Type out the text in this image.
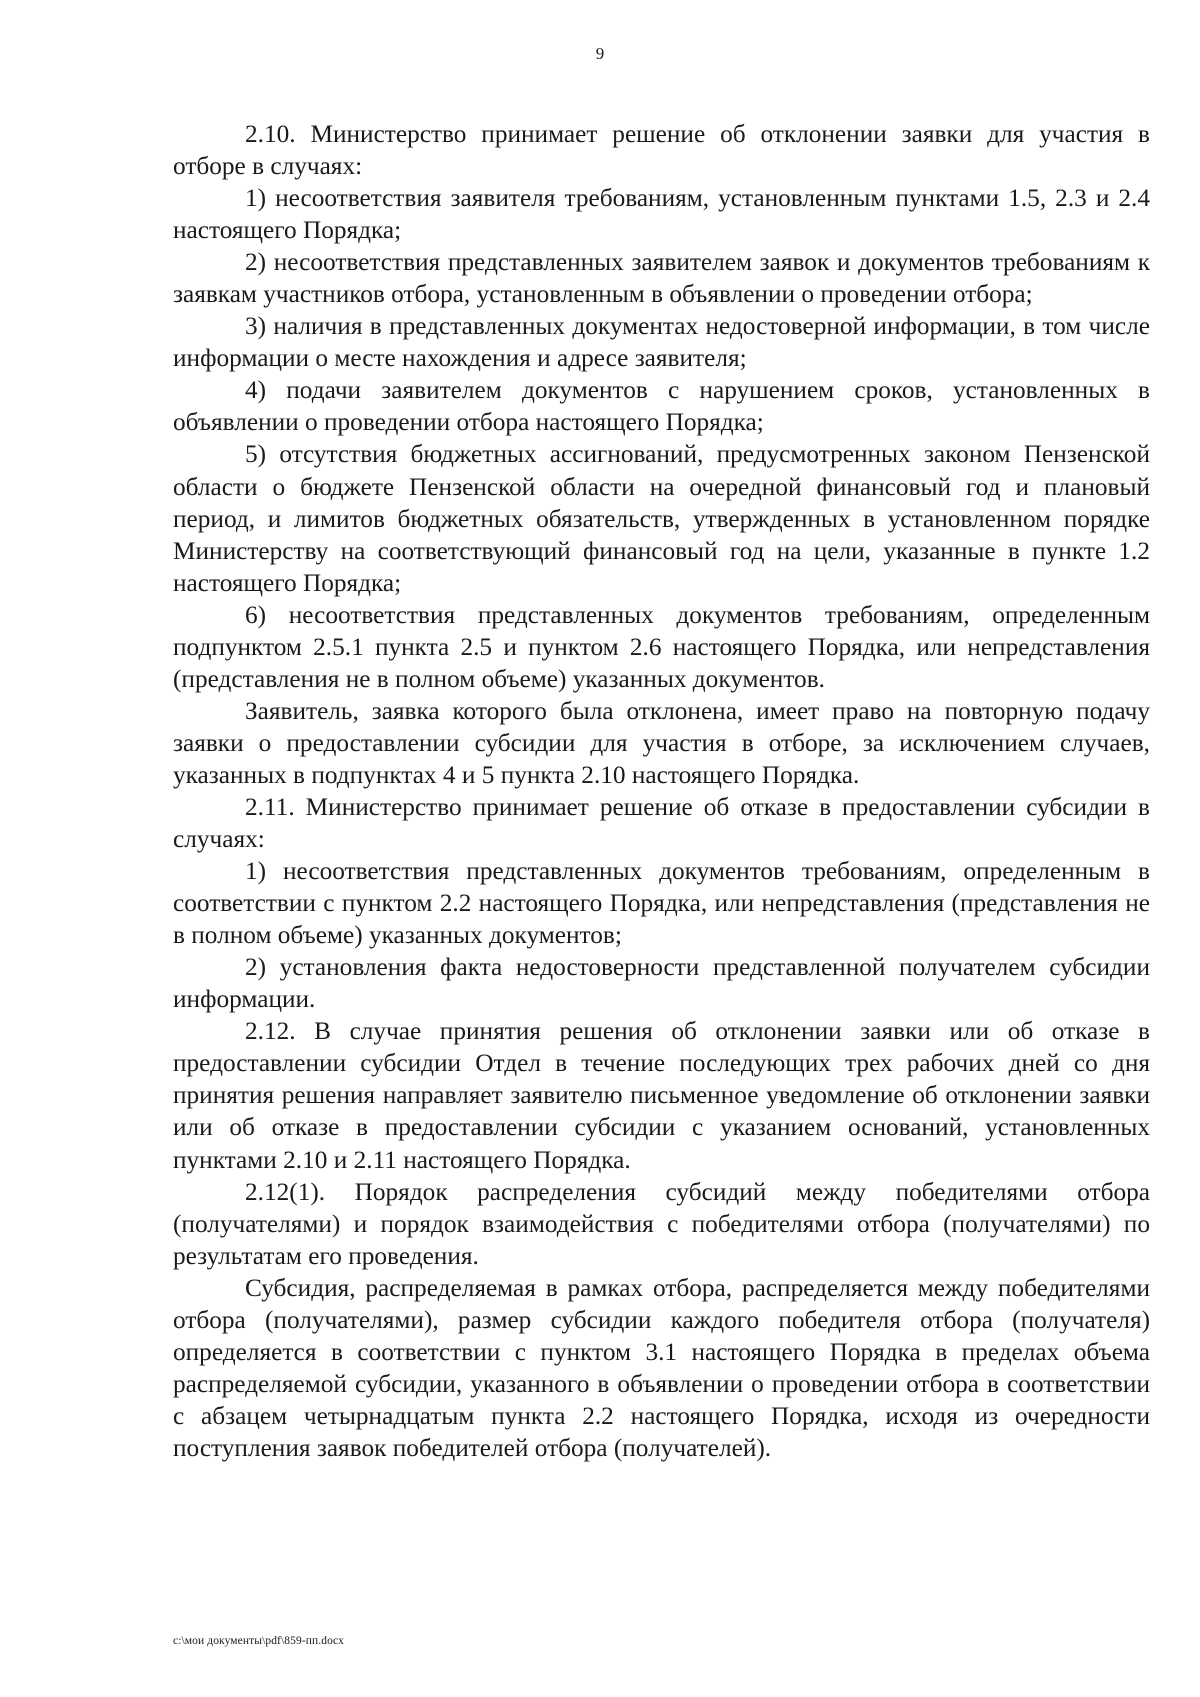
9

2.10. Министерство принимает решение об отклонении заявки для участия в отборе в случаях:

1) несоответствия заявителя требованиям, установленным пунктами 1.5, 2.3 и 2.4 настоящего Порядка;

2) несоответствия представленных заявителем заявок и документов требованиям к заявкам участников отбора, установленным в объявлении о проведении отбора;

3) наличия в представленных документах недостоверной информации, в том числе информации о месте нахождения и адресе заявителя;

4) подачи заявителем документов с нарушением сроков, установленных в объявлении о проведении отбора настоящего Порядка;

5) отсутствия бюджетных ассигнований, предусмотренных законом Пензенской области о бюджете Пензенской области на очередной финансовый год и плановый период, и лимитов бюджетных обязательств, утвержденных в установленном порядке Министерству на соответствующий финансовый год на цели, указанные в пункте 1.2 настоящего Порядка;

6) несоответствия представленных документов требованиям, определенным подпунктом 2.5.1 пункта 2.5 и пунктом 2.6 настоящего Порядка, или непредставления (представления не в полном объеме) указанных документов.

Заявитель, заявка которого была отклонена, имеет право на повторную подачу заявки о предоставлении субсидии для участия в отборе, за исключением случаев, указанных в подпунктах 4 и 5 пункта 2.10 настоящего Порядка.

2.11. Министерство принимает решение об отказе в предоставлении субсидии в случаях:

1) несоответствия представленных документов требованиям, определенным в соответствии с пунктом 2.2 настоящего Порядка, или непредставления (представления не в полном объеме) указанных документов;

2) установления факта недостоверности представленной получателем субсидии информации.

2.12. В случае принятия решения об отклонении заявки или об отказе в предоставлении субсидии Отдел в течение последующих трех рабочих дней со дня принятия решения направляет заявителю письменное уведомление об отклонении заявки или об отказе в предоставлении субсидии с указанием оснований, установленных пунктами 2.10 и 2.11 настоящего Порядка.

2.12(1). Порядок распределения субсидий между победителями отбора (получателями) и порядок взаимодействия с победителями отбора (получателями) по результатам его проведения.

Субсидия, распределяемая в рамках отбора, распределяется между победителями отбора (получателями), размер субсидии каждого победителя отбора (получателя) определяется в соответствии с пунктом 3.1 настоящего Порядка в пределах объема распределяемой субсидии, указанного в объявлении о проведении отбора в соответствии с абзацем четырнадцатым пункта 2.2 настоящего Порядка, исходя из очередности поступления заявок победителей отбора (получателей).

c:\мои документы\pdf\859-пп.docx
